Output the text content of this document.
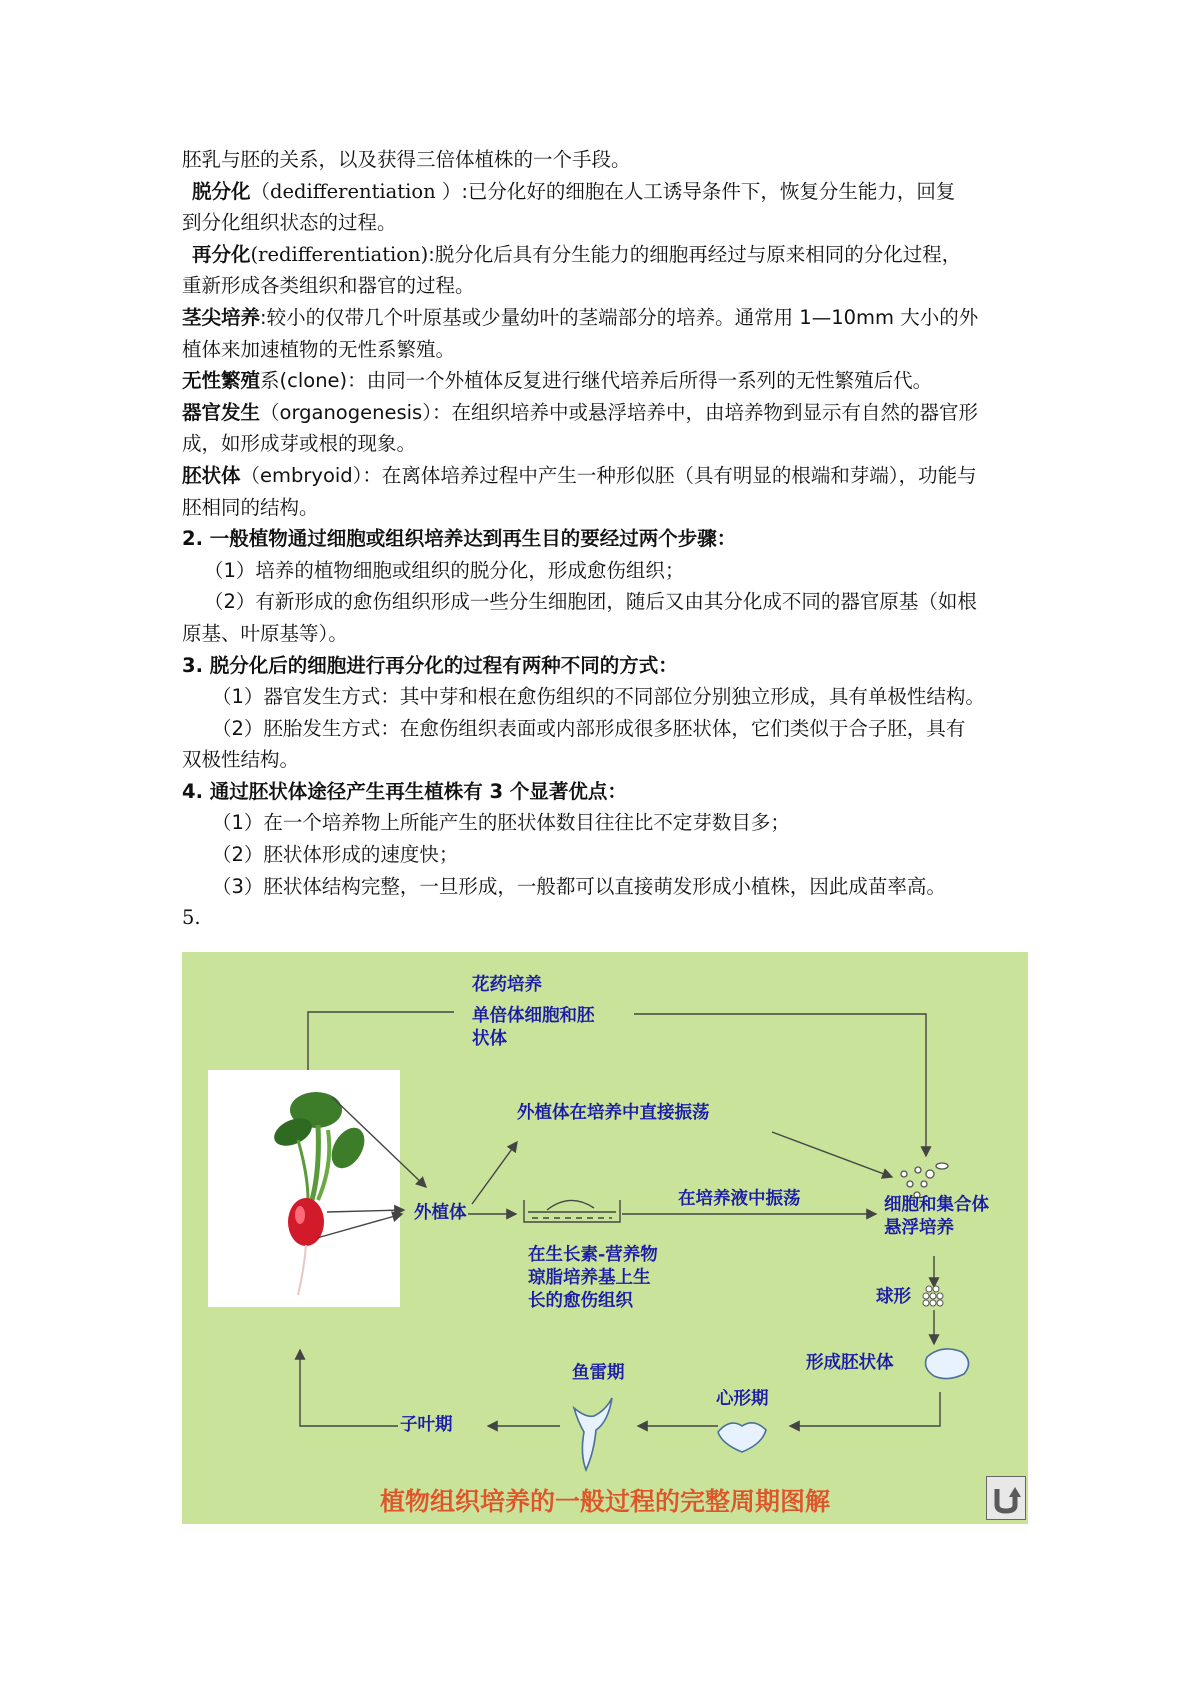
胚乳与胚的关系，以及获得三倍体植株的一个手段。

脱分化（dedifferentiation ）:已分化好的细胞在人工诱导条件下，恢复分生能力，回复

到分化组织状态的过程。

再分化(redifferentiation):脱分化后具有分生能力的细胞再经过与原来相同的分化过程，

重新形成各类组织和器官的过程。

茎尖培养:较小的仅带几个叶原基或少量幼叶的茎端部分的培养。通常用 1—10mm 大小的外

植体来加速植物的无性系繁殖。

无性繁殖系(clone)：由同一个外植体反复进行继代培养后所得一系列的无性繁殖后代。

器官发生（organogenesis）：在组织培养中或悬浮培养中，由培养物到显示有自然的器官形

成，如形成芽或根的现象。

胚状体（embryoid）：在离体培养过程中产生一种形似胚（具有明显的根端和芽端），功能与

胚相同的结构。

2. 一般植物通过细胞或组织培养达到再生目的要经过两个步骤：

（1）培养的植物细胞或组织的脱分化，形成愈伤组织；

（2）有新形成的愈伤组织形成一些分生细胞团，随后又由其分化成不同的器官原基（如根

原基、叶原基等）。

3. 脱分化后的细胞进行再分化的过程有两种不同的方式：

（1）器官发生方式：其中芽和根在愈伤组织的不同部位分别独立形成，具有单极性结构。

（2）胚胎发生方式：在愈伤组织表面或内部形成很多胚状体，它们类似于合子胚，具有

双极性结构。

4. 通过胚状体途径产生再生植株有 3 个显著优点：

（1）在一个培养物上所能产生的胚状体数目往往比不定芽数目多；

（2）胚状体形成的速度快；

（3）胚状体结构完整，一旦形成，一般都可以直接萌发形成小植株，因此成苗率高。

5.

花药培养
单倍体细胞和胚
状体
外植体在培养中直接振荡
外植体
在培养液中振荡	细胞和集合体
悬浮培养
在生长素-营养物
琼脂培养基上生
长的愈伤组织	球形
形成胚状体
鱼雷期
心形期
子叶期
植物组织培养的一般过程的完整周期图解
